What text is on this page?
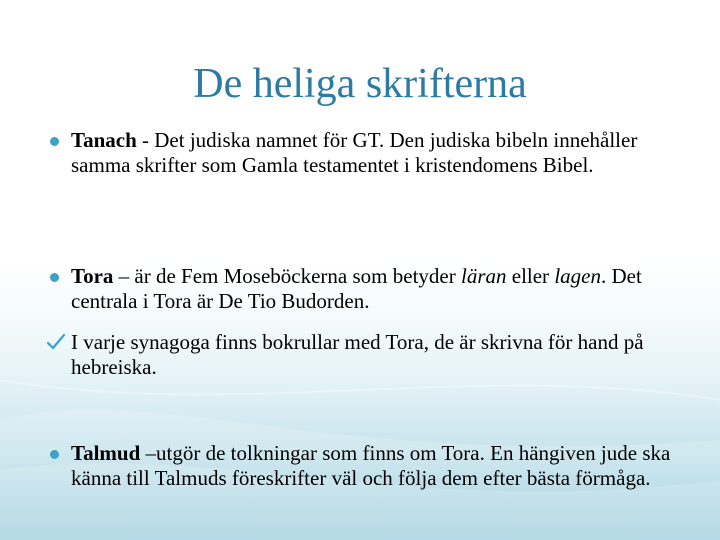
De heliga skrifterna
Tanach - Det judiska namnet för GT. Den judiska bibeln innehåller samma skrifter som Gamla testamentet i kristendomens Bibel.
Tora – är de Fem Moseböckerna som betyder läran eller lagen. Det centrala i Tora är De Tio Budorden.
I varje synagoga finns bokrullar med Tora, de är skrivna för hand på hebreiska.
Talmud –utgör de tolkningar som finns om Tora. En hängiven jude ska känna till Talmuds föreskrifter väl och följa dem efter bästa förmåga.
